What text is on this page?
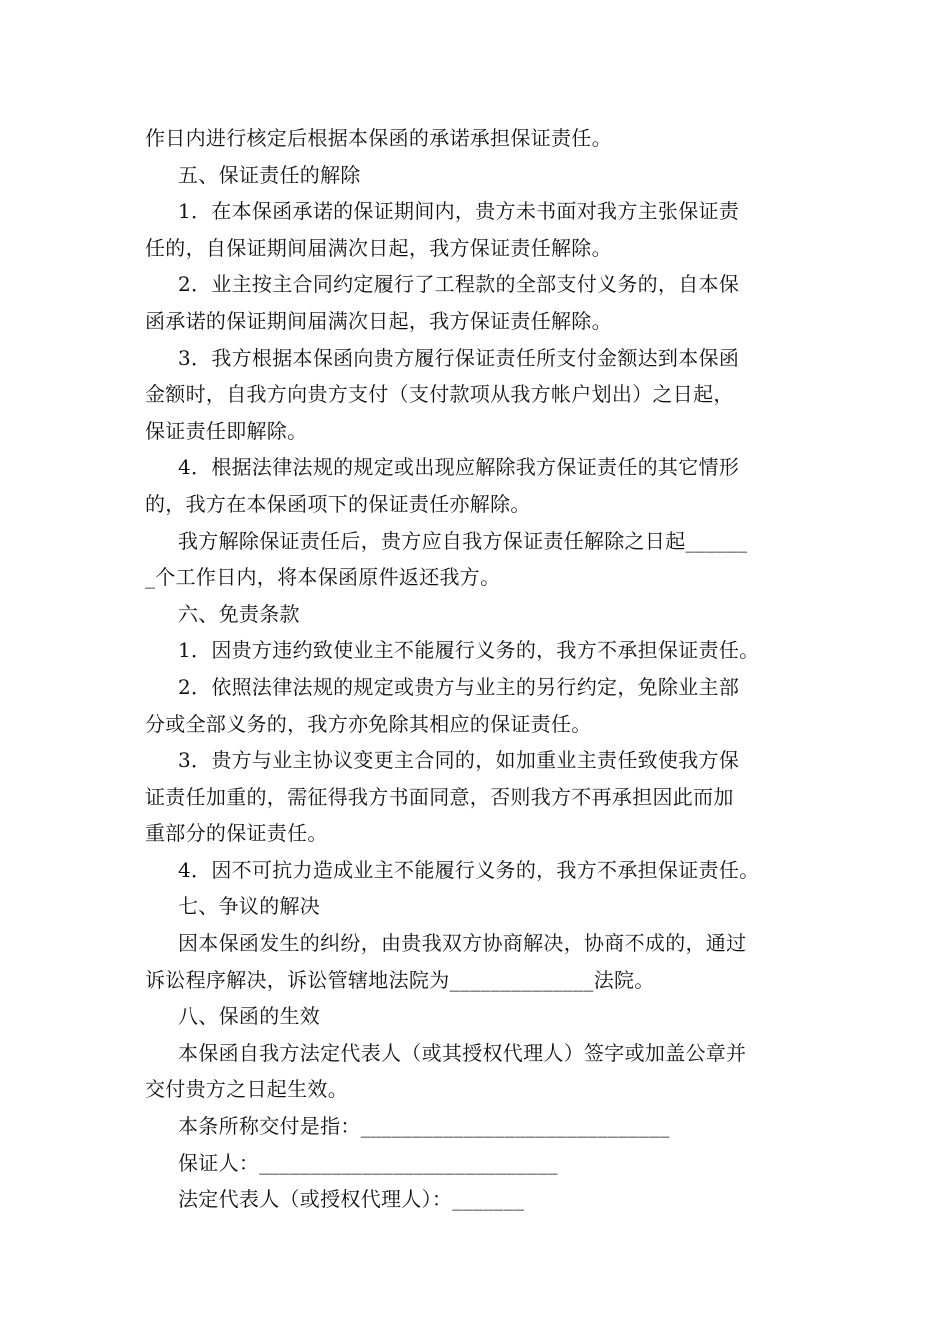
作日内进行核定后根据本保函的承诺承担保证责任。
五、保证责任的解除
1．在本保函承诺的保证期间内，贵方未书面对我方主张保证责
任的，自保证期间届满次日起，我方保证责任解除。
2．业主按主合同约定履行了工程款的全部支付义务的，自本保
函承诺的保证期间届满次日起，我方保证责任解除。
3．我方根据本保函向贵方履行保证责任所支付金额达到本保函
金额时，自我方向贵方支付（支付款项从我方帐户划出）之日起，
保证责任即解除。
4．根据法律法规的规定或出现应解除我方保证责任的其它情形
的，我方在本保函项下的保证责任亦解除。
我方解除保证责任后，贵方应自我方保证责任解除之日起______
_个工作日内，将本保函原件返还我方。
六、免责条款
1．因贵方违约致使业主不能履行义务的，我方不承担保证责任。
2．依照法律法规的规定或贵方与业主的另行约定，免除业主部
分或全部义务的，我方亦免除其相应的保证责任。
3．贵方与业主协议变更主合同的，如加重业主责任致使我方保
证责任加重的，需征得我方书面同意，否则我方不再承担因此而加
重部分的保证责任。
4．因不可抗力造成业主不能履行义务的，我方不承担保证责任。
七、争议的解决
因本保函发生的纠纷，由贵我双方协商解决，协商不成的，通过
诉讼程序解决，诉讼管辖地法院为______________法院。
八、保函的生效
本保函自我方法定代表人（或其授权代理人）签字或加盖公章并
交付贵方之日起生效。
本条所称交付是指：______________________________
保证人：_____________________________
法定代表人（或授权代理人）：_______
